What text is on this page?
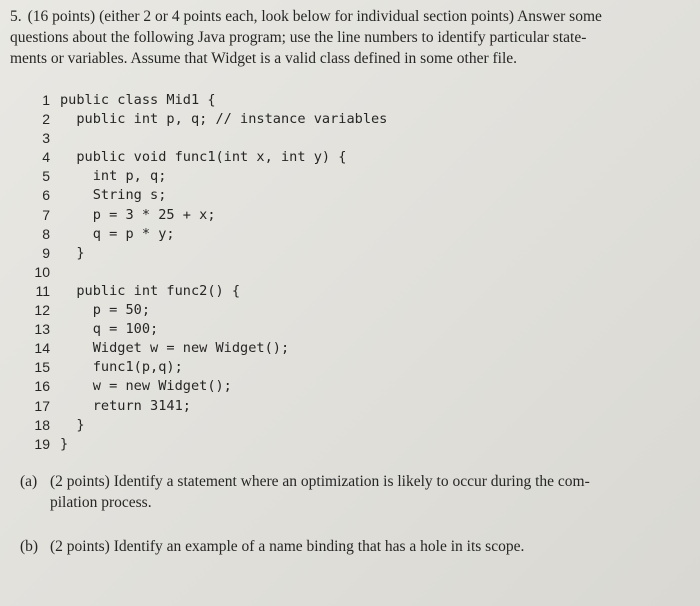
5. (16 points) (either 2 or 4 points each, look below for individual section points) Answer some
questions about the following Java program; use the line numbers to identify particular state-
ments or variables. Assume that Widget is a valid class defined in some other file.
1 public class Mid1 {
2 public int p, q; // instance variables
3
4 public void func1(int x, int y) {
5 int p, q;
6 String s;
7 p = 3 * 25 + x;
8 q = p * y;
9 }
10
11 public int func2() {
12 p = 50;
13 q = 100;
14 Widget w = new Widget();
15 func1(p,q);
16 w = new Widget();
17 return 3141;
18 }
19 }
(a) (2 points) Identify a statement where an optimization is likely to occur during the com-
pilation process.
(b) (2 points) Identify an example of a name binding that has a hole in its scope.
